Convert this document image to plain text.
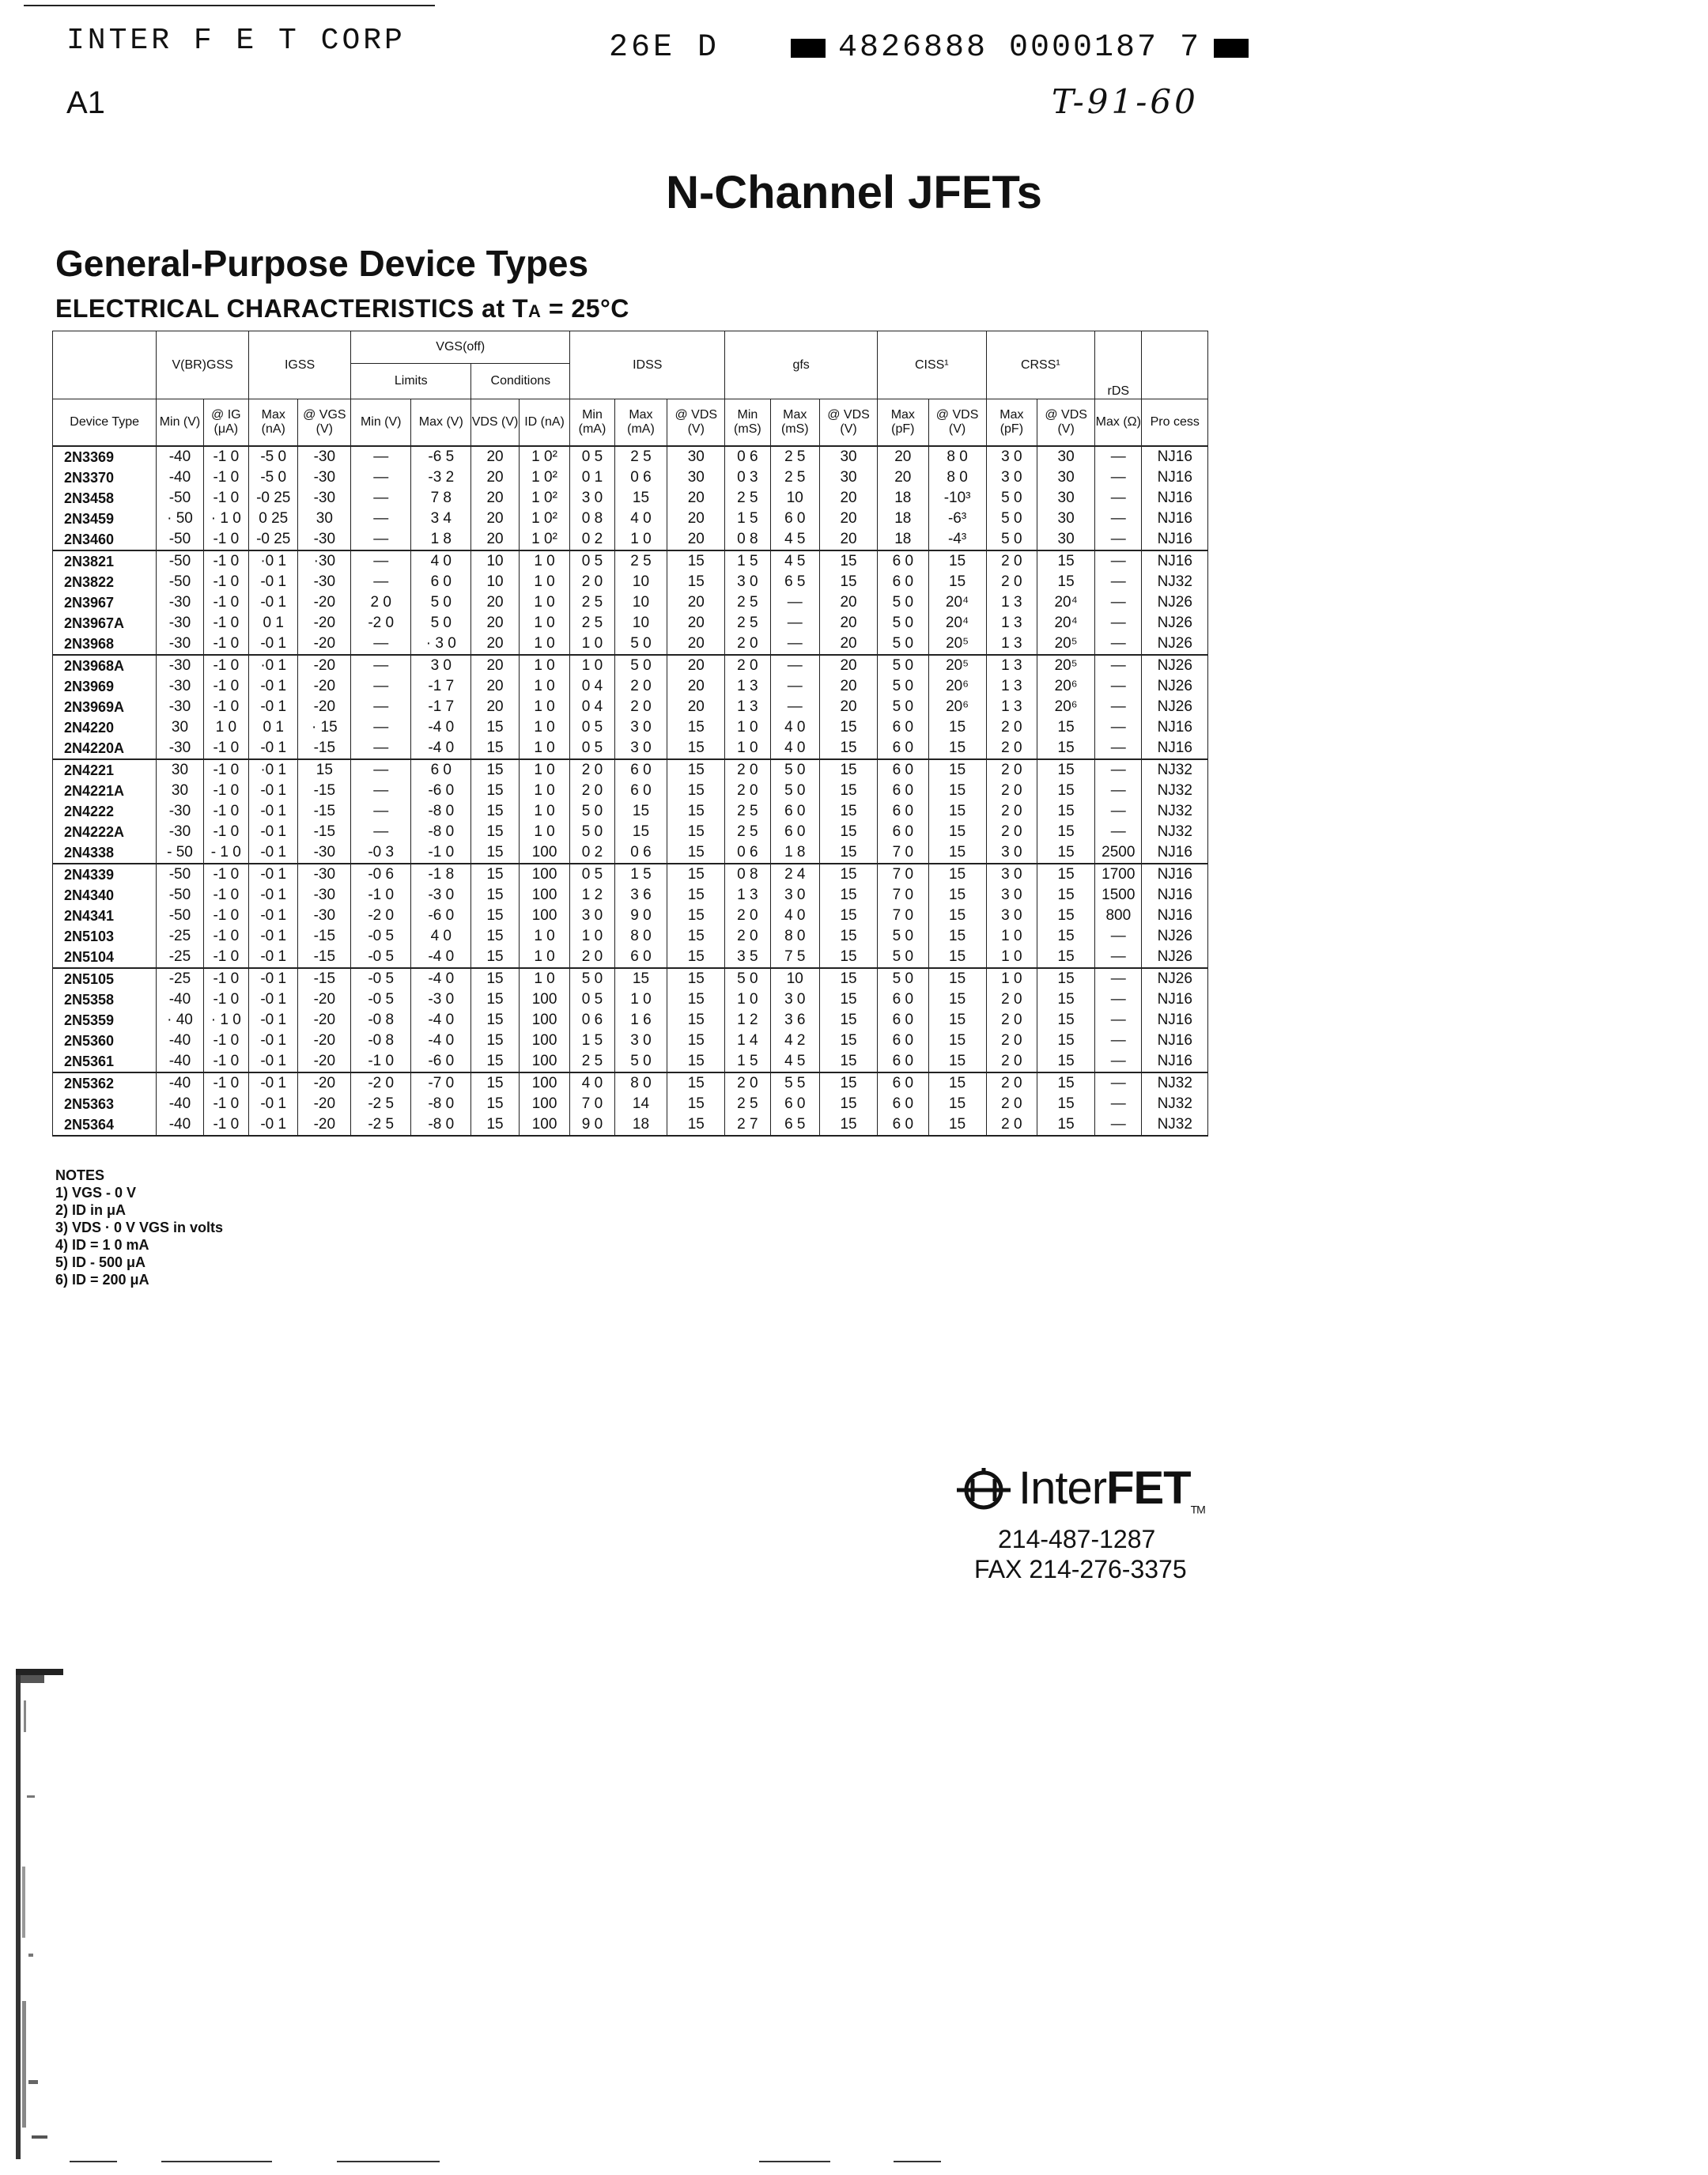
INTER F E T CORP	26E D	4826888 0000187 7
A1	T-91-60
N-Channel JFETs
General-Purpose Device Types
ELECTRICAL CHARACTERISTICS at TA = 25°C
	V(BR)GSS		IGSS		VGS(off)				IDSS			gfs			CISS¹		CRSS¹		rDS	
					Limits		Conditions													
Device Type	Min (V)	@ IG (μA)	Max (nA)	@ VGS (V)	Min (V)	Max (V)	VDS (V)	ID (nA)	Min (mA)	Max (mA)	@ VDS (V)	Min (mS)	Max (mS)	@ VDS (V)	Max (pF)	@ VDS (V)	Max (pF)	@ VDS (V)	Max (Ω)	Pro cess
2N3369	-40	-1 0	-5 0	-30	—	-6 5	20	1 0²	0 5	2 5	30	0 6	2 5	30	20	8 0	3 0	30	—	NJ16
2N3370	-40	-1 0	-5 0	-30	—	-3 2	20	1 0²	0 1	0 6	30	0 3	2 5	30	20	8 0	3 0	30	—	NJ16
2N3458	-50	-1 0	-0 25	-30	—	7 8	20	1 0²	3 0	15	20	2 5	10	20	18	-10³	5 0	30	—	NJ16
2N3459	· 50	· 1 0	0 25	30	—	3 4	20	1 0²	0 8	4 0	20	1 5	6 0	20	18	-6³	5 0	30	—	NJ16
2N3460	-50	-1 0	-0 25	-30	—	1 8	20	1 0²	0 2	1 0	20	0 8	4 5	20	18	-4³	5 0	30	—	NJ16
2N3821	-50	-1 0	·0 1	·30	—	4 0	10	1 0	0 5	2 5	15	1 5	4 5	15	6 0	15	2 0	15	—	NJ16
2N3822	-50	-1 0	-0 1	-30	—	6 0	10	1 0	2 0	10	15	3 0	6 5	15	6 0	15	2 0	15	—	NJ32
2N3967	-30	-1 0	-0 1	-20	2 0	5 0	20	1 0	2 5	10	20	2 5	—	20	5 0	20⁴	1 3	20⁴	—	NJ26
2N3967A	-30	-1 0	0 1	-20	-2 0	5 0	20	1 0	2 5	10	20	2 5	—	20	5 0	20⁴	1 3	20⁴	—	NJ26
2N3968	-30	-1 0	-0 1	-20	—	· 3 0	20	1 0	1 0	5 0	20	2 0	—	20	5 0	20⁵	1 3	20⁵	—	NJ26
2N3968A	-30	-1 0	·0 1	-20	—	3 0	20	1 0	1 0	5 0	20	2 0	—	20	5 0	20⁵	1 3	20⁵	—	NJ26
2N3969	-30	-1 0	-0 1	-20	—	-1 7	20	1 0	0 4	2 0	20	1 3	—	20	5 0	20⁶	1 3	20⁶	—	NJ26
2N3969A	-30	-1 0	-0 1	-20	—	-1 7	20	1 0	0 4	2 0	20	1 3	—	20	5 0	20⁶	1 3	20⁶	—	NJ26
2N4220	30	1 0	0 1	· 15	—	-4 0	15	1 0	0 5	3 0	15	1 0	4 0	15	6 0	15	2 0	15	—	NJ16
2N4220A	-30	-1 0	-0 1	-15	—	-4 0	15	1 0	0 5	3 0	15	1 0	4 0	15	6 0	15	2 0	15	—	NJ16
2N4221	30	-1 0	·0 1	15	—	6 0	15	1 0	2 0	6 0	15	2 0	5 0	15	6 0	15	2 0	15	—	NJ32
2N4221A	30	-1 0	-0 1	-15	—	-6 0	15	1 0	2 0	6 0	15	2 0	5 0	15	6 0	15	2 0	15	—	NJ32
2N4222	-30	-1 0	-0 1	-15	—	-8 0	15	1 0	5 0	15	15	2 5	6 0	15	6 0	15	2 0	15	—	NJ32
2N4222A	-30	-1 0	-0 1	-15	—	-8 0	15	1 0	5 0	15	15	2 5	6 0	15	6 0	15	2 0	15	—	NJ32
2N4338	- 50	- 1 0	-0 1	-30	-0 3	-1 0	15	100	0 2	0 6	15	0 6	1 8	15	7 0	15	3 0	15	2500	NJ16
2N4339	-50	-1 0	-0 1	-30	-0 6	-1 8	15	100	0 5	1 5	15	0 8	2 4	15	7 0	15	3 0	15	1700	NJ16
2N4340	-50	-1 0	-0 1	-30	-1 0	-3 0	15	100	1 2	3 6	15	1 3	3 0	15	7 0	15	3 0	15	1500	NJ16
2N4341	-50	-1 0	-0 1	-30	-2 0	-6 0	15	100	3 0	9 0	15	2 0	4 0	15	7 0	15	3 0	15	800	NJ16
2N5103	-25	-1 0	-0 1	-15	-0 5	4 0	15	1 0	1 0	8 0	15	2 0	8 0	15	5 0	15	1 0	15	—	NJ26
2N5104	-25	-1 0	-0 1	-15	-0 5	-4 0	15	1 0	2 0	6 0	15	3 5	7 5	15	5 0	15	1 0	15	—	NJ26
2N5105	-25	-1 0	-0 1	-15	-0 5	-4 0	15	1 0	5 0	15	15	5 0	10	15	5 0	15	1 0	15	—	NJ26
2N5358	-40	-1 0	-0 1	-20	-0 5	-3 0	15	100	0 5	1 0	15	1 0	3 0	15	6 0	15	2 0	15	—	NJ16
2N5359	· 40	· 1 0	-0 1	-20	-0 8	-4 0	15	100	0 6	1 6	15	1 2	3 6	15	6 0	15	2 0	15	—	NJ16
2N5360	-40	-1 0	-0 1	-20	-0 8	-4 0	15	100	1 5	3 0	15	1 4	4 2	15	6 0	15	2 0	15	—	NJ16
2N5361	-40	-1 0	-0 1	-20	-1 0	-6 0	15	100	2 5	5 0	15	1 5	4 5	15	6 0	15	2 0	15	—	NJ16
2N5362	-40	-1 0	-0 1	-20	-2 0	-7 0	15	100	4 0	8 0	15	2 0	5 5	15	6 0	15	2 0	15	—	NJ32
2N5363	-40	-1 0	-0 1	-20	-2 5	-8 0	15	100	7 0	14	15	2 5	6 0	15	6 0	15	2 0	15	—	NJ32
2N5364	-40	-1 0	-0 1	-20	-2 5	-8 0	15	100	9 0	18	15	2 7	6 5	15	6 0	15	2 0	15	—	NJ32
NOTES
1) VGS - 0 V
2) ID in μA
3) VDS · 0 V VGS in volts
4) ID = 1 0 mA
5) ID - 500 μA
6) ID = 200 μA
InterFET$_{TM}$
214-487-1287
FAX 214-276-3375
